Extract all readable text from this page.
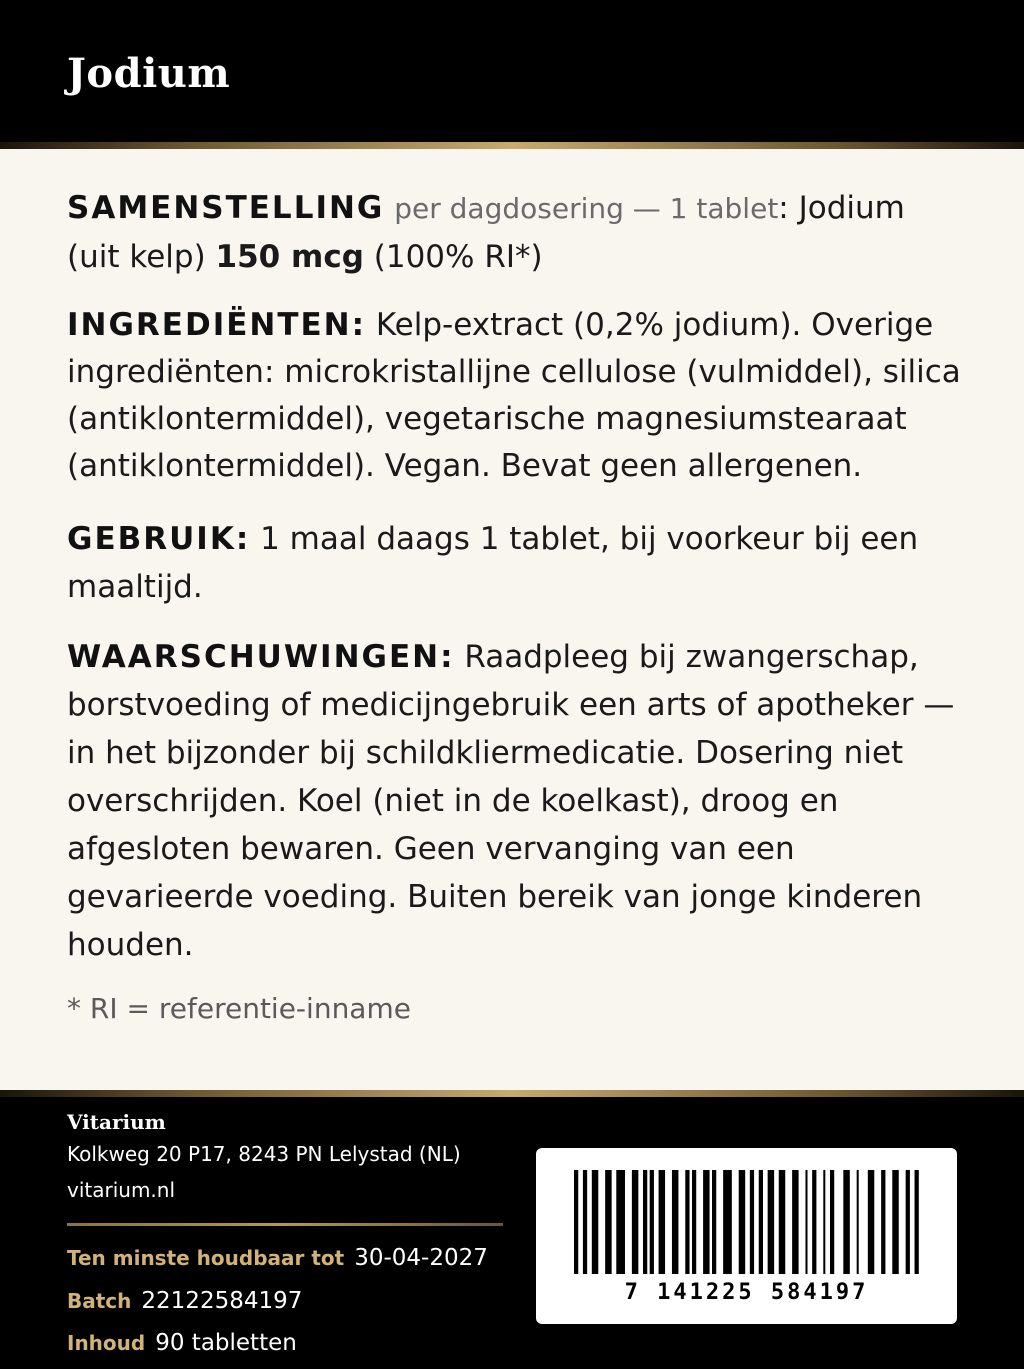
Jodium

SAMENSTELLING per dagdosering — 1 tablet: Jodium (uit kelp) 150 mcg (100% RI*)

INGREDIËNTEN: Kelp-extract (0,2% jodium). Overige ingrediënten: microkristallijne cellulose (vulmiddel), silica (antiklontermiddel), vegetarische magnesiumstearaat (antiklontermiddel). Vegan. Bevat geen allergenen.

GEBRUIK: 1 maal daags 1 tablet, bij voorkeur bij een maaltijd.

WAARSCHUWINGEN: Raadpleeg bij zwangerschap, borstvoeding of medicijngebruik een arts of apotheker — in het bijzonder bij schildkliermedicatie. Dosering niet overschrijden. Koel (niet in de koelkast), droog en afgesloten bewaren. Geen vervanging van een gevarieerde voeding. Buiten bereik van jonge kinderen houden.

* RI = referentie-inname
Vitarium
Kolkweg 20 P17, 8243 PN Lelystad (NL)
vitarium.nl
Ten minste houdbaar tot 30-04-2027
Batch 22122584197
Inhoud 90 tabletten
7 141225 584197
